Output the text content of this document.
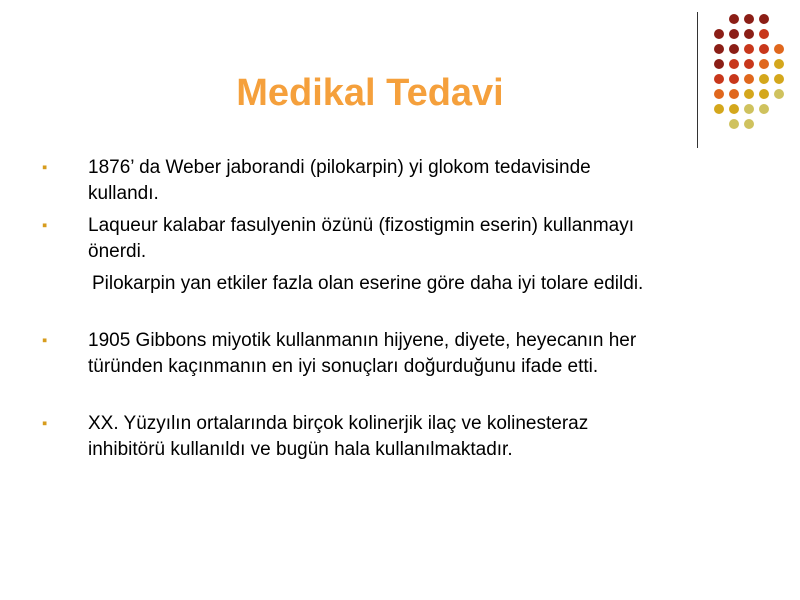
Medikal Tedavi
▪ 1876’ da Weber jaborandi (pilokarpin) yi glokom tedavisinde
kullandı.
▪ Laqueur kalabar fasulyenin özünü (fizostigmin eserin) kullanmayı
önerdi.
Pilokarpin yan etkiler fazla olan eserine göre daha iyi tolare edildi.
▪ 1905 Gibbons miyotik kullanmanın hijyene, diyete, heyecanın her
türünden kaçınmanın en iyi sonuçları doğurduğunu ifade etti.
▪ XX. Yüzyılın ortalarında birçok kolinerjik ilaç ve kolinesteraz
inhibitörü kullanıldı ve bugün hala kullanılmaktadır.
